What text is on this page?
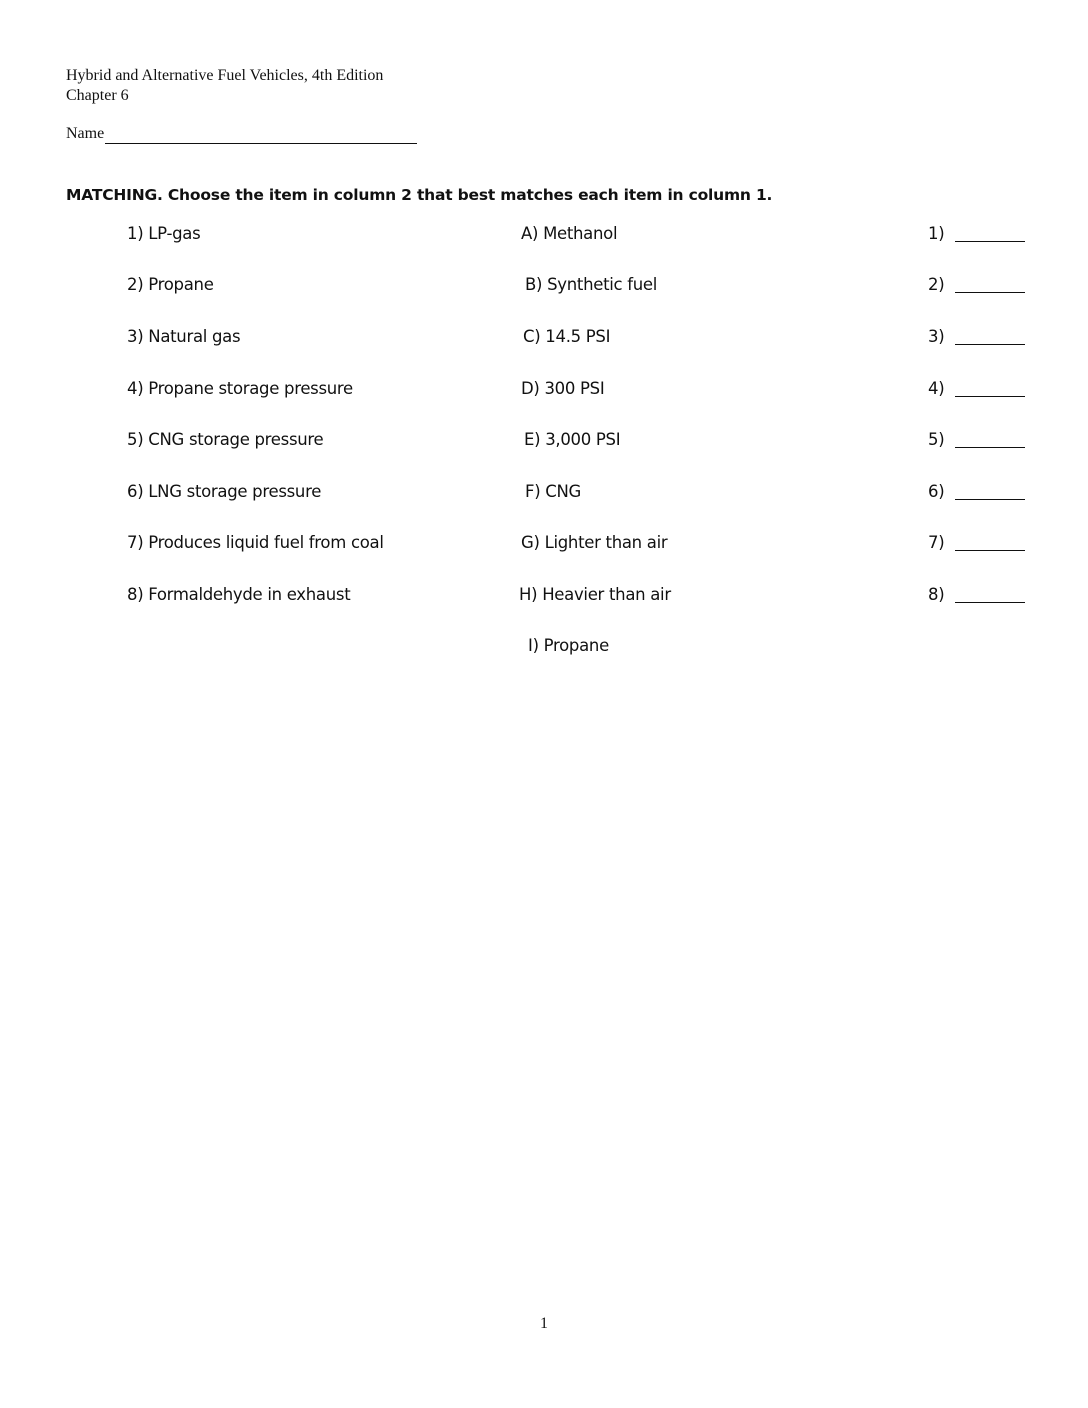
Hybrid and Alternative Fuel Vehicles, 4th Edition
Chapter 6
Name
MATCHING. Choose the item in column 2 that best matches each item in column 1.
1) LP-gas	A) Methanol	1)
2) Propane	B) Synthetic fuel	2)
3) Natural gas	C) 14.5 PSI	3)
4) Propane storage pressure	D) 300 PSI	4)
5) CNG storage pressure	E) 3,000 PSI	5)
6) LNG storage pressure	F) CNG	6)
7) Produces liquid fuel from coal	G) Lighter than air	7)
8) Formaldehyde in exhaust	H) Heavier than air	8)
I) Propane
1
